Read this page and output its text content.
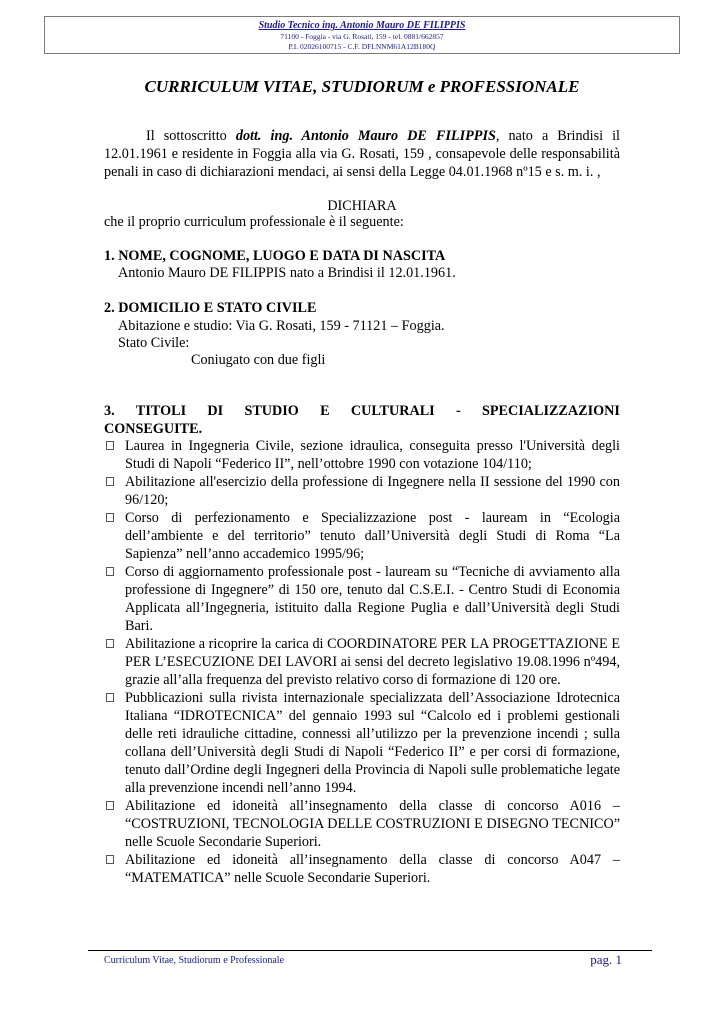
Studio Tecnico ing. Antonio Mauro DE FILIPPIS
71100 - Foggia - via G. Rosati, 159 - tel. 0881/662857
P.I. 02026100715 - C.F. DFLNNM61A12B180Q
CURRICULUM VITAE, STUDIORUM e PROFESSIONALE
Il sottoscritto dott. ing. Antonio Mauro DE FILIPPIS, nato a Brindisi il 12.01.1961 e residente in Foggia alla via G. Rosati, 159 , consapevole delle responsabilità penali in caso di dichiarazioni mendaci, ai sensi della Legge 04.01.1968 nº15 e s. m. i. ,
DICHIARA
che il proprio curriculum professionale è il seguente:
1. NOME, COGNOME, LUOGO E DATA DI NASCITA
Antonio Mauro DE FILIPPIS nato a Brindisi il 12.01.1961.
2. DOMICILIO E STATO CIVILE
Abitazione e studio: Via G. Rosati, 159 - 71121 – Foggia.
Stato Civile:
Coniugato con due figli
3. TITOLI DI STUDIO E CULTURALI - SPECIALIZZAZIONI
CONSEGUITE.
Laurea in Ingegneria Civile, sezione idraulica, conseguita presso l'Università degli Studi di Napoli “Federico II”, nell’ottobre 1990 con votazione 104/110;
Abilitazione all'esercizio della professione di Ingegnere nella II sessione del 1990 con 96/120;
Corso di perfezionamento e Specializzazione post - lauream in “Ecologia dell’ambiente e del territorio” tenuto dall’Università degli Studi di Roma “La Sapienza” nell’anno accademico 1995/96;
Corso di aggiornamento professionale post - lauream su “Tecniche di avviamento alla professione di Ingegnere” di 150 ore, tenuto dal C.S.E.I. - Centro Studi di Economia Applicata all’Ingegneria, istituito dalla Regione Puglia e dall’Università degli Studi Bari.
Abilitazione a ricoprire la carica di COORDINATORE PER LA PROGETTAZIONE E PER L’ESECUZIONE DEI LAVORI ai sensi del decreto legislativo 19.08.1996 nº494, grazie all’alla frequenza del previsto relativo corso di formazione di 120 ore.
Pubblicazioni sulla rivista internazionale specializzata dell’Associazione Idrotecnica Italiana “IDROTECNICA” del gennaio 1993 sul “Calcolo ed i problemi gestionali delle reti idrauliche cittadine, connessi all’utilizzo per la prevenzione incendi ; sulla collana dell’Università degli Studi di Napoli “Federico II” e per corsi di formazione, tenuto dall’Ordine degli Ingegneri della Provincia di Napoli sulle problematiche legate alla prevenzione incendi nell’anno 1994.
Abilitazione ed idoneità all’insegnamento della classe di concorso A016 – “COSTRUZIONI, TECNOLOGIA DELLE COSTRUZIONI E DISEGNO TECNICO” nelle Scuole Secondarie Superiori.
Abilitazione ed idoneità all’insegnamento della classe di concorso A047 – “MATEMATICA” nelle Scuole Secondarie Superiori.
Curriculum Vitae, Studiorum e Professionale	pag. 1
